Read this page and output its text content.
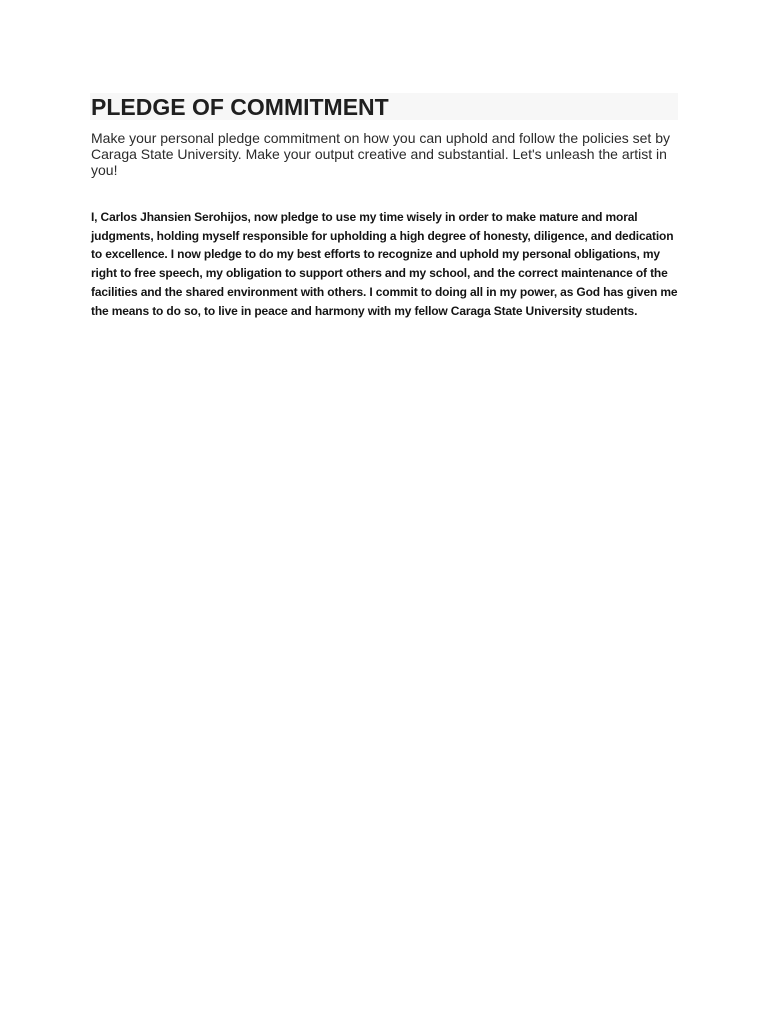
PLEDGE OF COMMITMENT

Make your personal pledge commitment on how you can uphold and follow the policies set by Caraga State University. Make your output creative and substantial. Let's unleash the artist in you!

I, Carlos Jhansien Serohijos, now pledge to use my time wisely in order to make mature and moral judgments, holding myself responsible for upholding a high degree of honesty, diligence, and dedication to excellence. I now pledge to do my best efforts to recognize and uphold my personal obligations, my right to free speech, my obligation to support others and my school, and the correct maintenance of the facilities and the shared environment with others. I commit to doing all in my power, as God has given me the means to do so, to live in peace and harmony with my fellow Caraga State University students.
